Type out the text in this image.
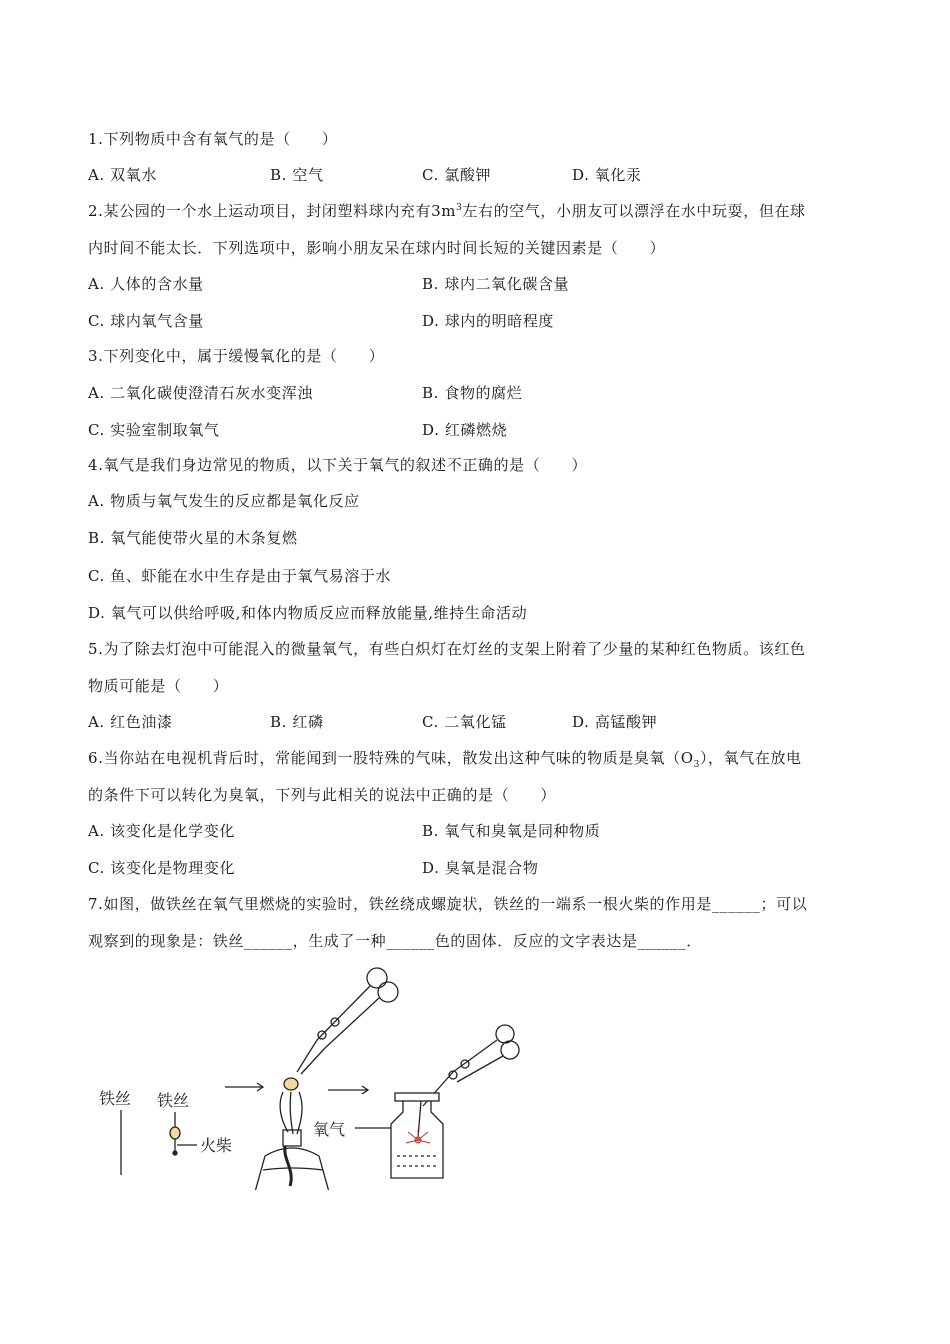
1.下列物质中含有氧气的是（　　）
A. 双氧水	B. 空气	C. 氯酸钾	D. 氧化汞
2.某公园的一个水上运动项目，封闭塑料球内充有$3m^3$左右的空气，小朋友可以漂浮在水中玩耍，但在球
内时间不能太长．下列选项中，影响小朋友呆在球内时间长短的关键因素是（　　）
A. 人体的含水量	B. 球内二氧化碳含量
C. 球内氧气含量	D. 球内的明暗程度
3.下列变化中，属于缓慢氧化的是（　　）
A. 二氧化碳使澄清石灰水变浑浊	B. 食物的腐烂
C. 实验室制取氧气	D. 红磷燃烧
4.氧气是我们身边常见的物质，以下关于氧气的叙述不正确的是（　　）
A. 物质与氧气发生的反应都是氧化反应
B. 氧气能使带火星的木条复燃
C. 鱼、虾能在水中生存是由于氧气易溶于水
D. 氧气可以供给呼吸,和体内物质反应而释放能量,维持生命活动
5.为了除去灯泡中可能混入的微量氧气，有些白炽灯在灯丝的支架上附着了少量的某种红色物质。该红色
物质可能是（　　）
A. 红色油漆	B. 红磷	C. 二氧化锰	D. 高锰酸钾
6.当你站在电视机背后时，常能闻到一股特殊的气味，散发出这种气味的物质是臭氧$(O_3)$，氧气在放电
的条件下可以转化为臭氧，下列与此相关的说法中正确的是（　　）
A. 该变化是化学变化	B. 氧气和臭氧是同种物质
C. 该变化是物理变化	D. 臭氧是混合物
7.如图，做铁丝在氧气里燃烧的实验时，铁丝绕成螺旋状，铁丝的一端系一根火柴的作用是______；可以
观察到的现象是：铁丝______，生成了一种______色的固体．反应的文字表达是______．
铁丝 铁丝
火柴
氧气
